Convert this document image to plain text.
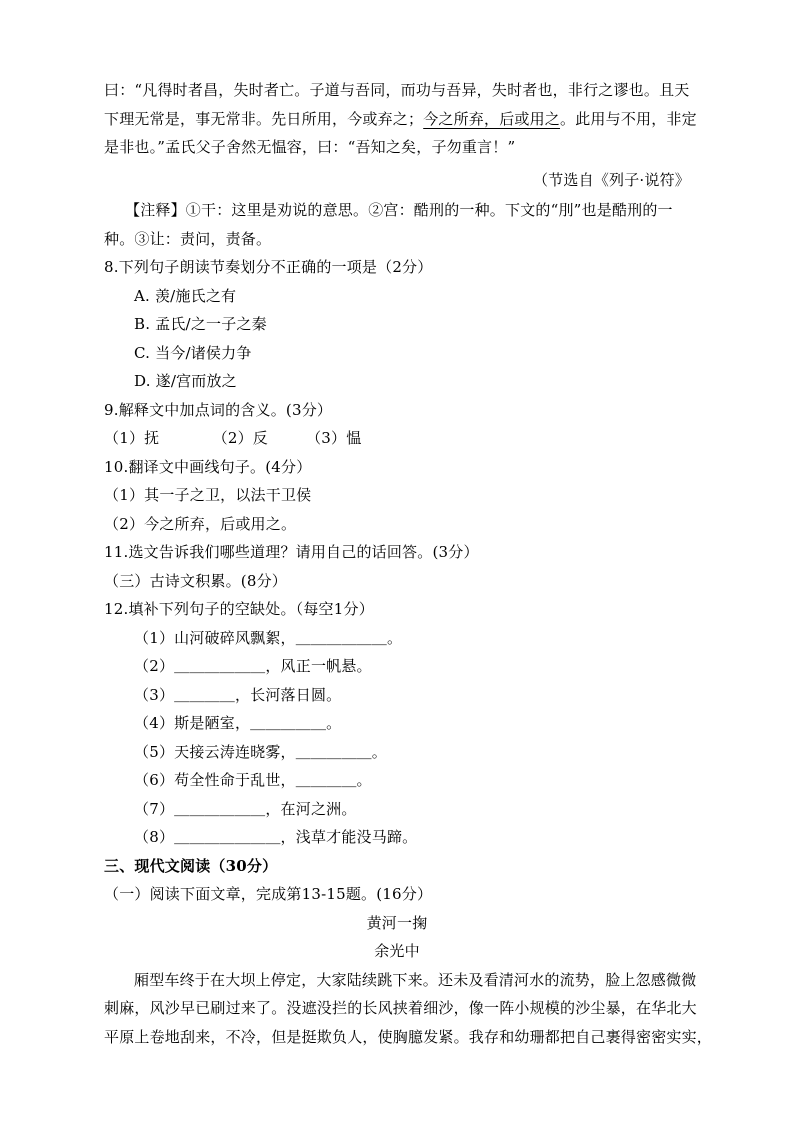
曰：“凡得时者昌，失时者亡。子道与吾同，而功与吾异，失时者也，非行之谬也。且天
下理无常是，事无常非。先日所用，今或弃之；今之所弃，后或用之。此用与不用，非定
是非也。”孟氏父子舍然无愠容，曰：“吾知之矣，子勿重言！”
（节选自《列子·说符》
【注释】①干：这里是劝说的意思。②宫：酷刑的一种。下文的“刖”也是酷刑的一
种。③让：责问，责备。
8.下列句子朗读节奏划分不正确的一项是（2分）
A. 羡/施氏之有
B. 孟氏/之一子之秦
C. 当今/诸侯力争
D. 遂/宫而放之
9.解释文中加点词的含义。(3分）
（1）抚　　　　（2）反　　　（3）愠
10.翻译文中画线句子。(4分）
（1）其一子之卫，以法干卫侯
（2）今之所弃，后或用之。
11.选文告诉我们哪些道理？请用自己的话回答。(3分）
（三）古诗文积累。(8分）
12.填补下列句子的空缺处。（每空1分）
（1）山河破碎风飘絮，＿＿＿＿＿＿。
（2）＿＿＿＿＿＿，风正一帆悬。
（3）＿＿＿＿，长河落日圆。
（4）斯是陋室，＿＿＿＿＿。
（5）天接云涛连晓雾，＿＿＿＿＿。
（6）苟全性命于乱世，＿＿＿＿。
（7）＿＿＿＿＿＿，在河之洲。
（8）＿＿＿＿＿＿＿，浅草才能没马蹄。
三、现代文阅读（30分）
（一）阅读下面文章，完成第13-15题。(16分）
黄河一掬
余光中
厢型车终于在大坝上停定，大家陆续跳下来。还未及看清河水的流势，脸上忽感微微
刺麻，风沙早已刷过来了。没遮没拦的长风挟着细沙，像一阵小规模的沙尘暴，在华北大
平原上卷地刮来，不冷，但是挺欺负人，使胸臆发紧。我存和幼珊都把自己裹得密密实实，
